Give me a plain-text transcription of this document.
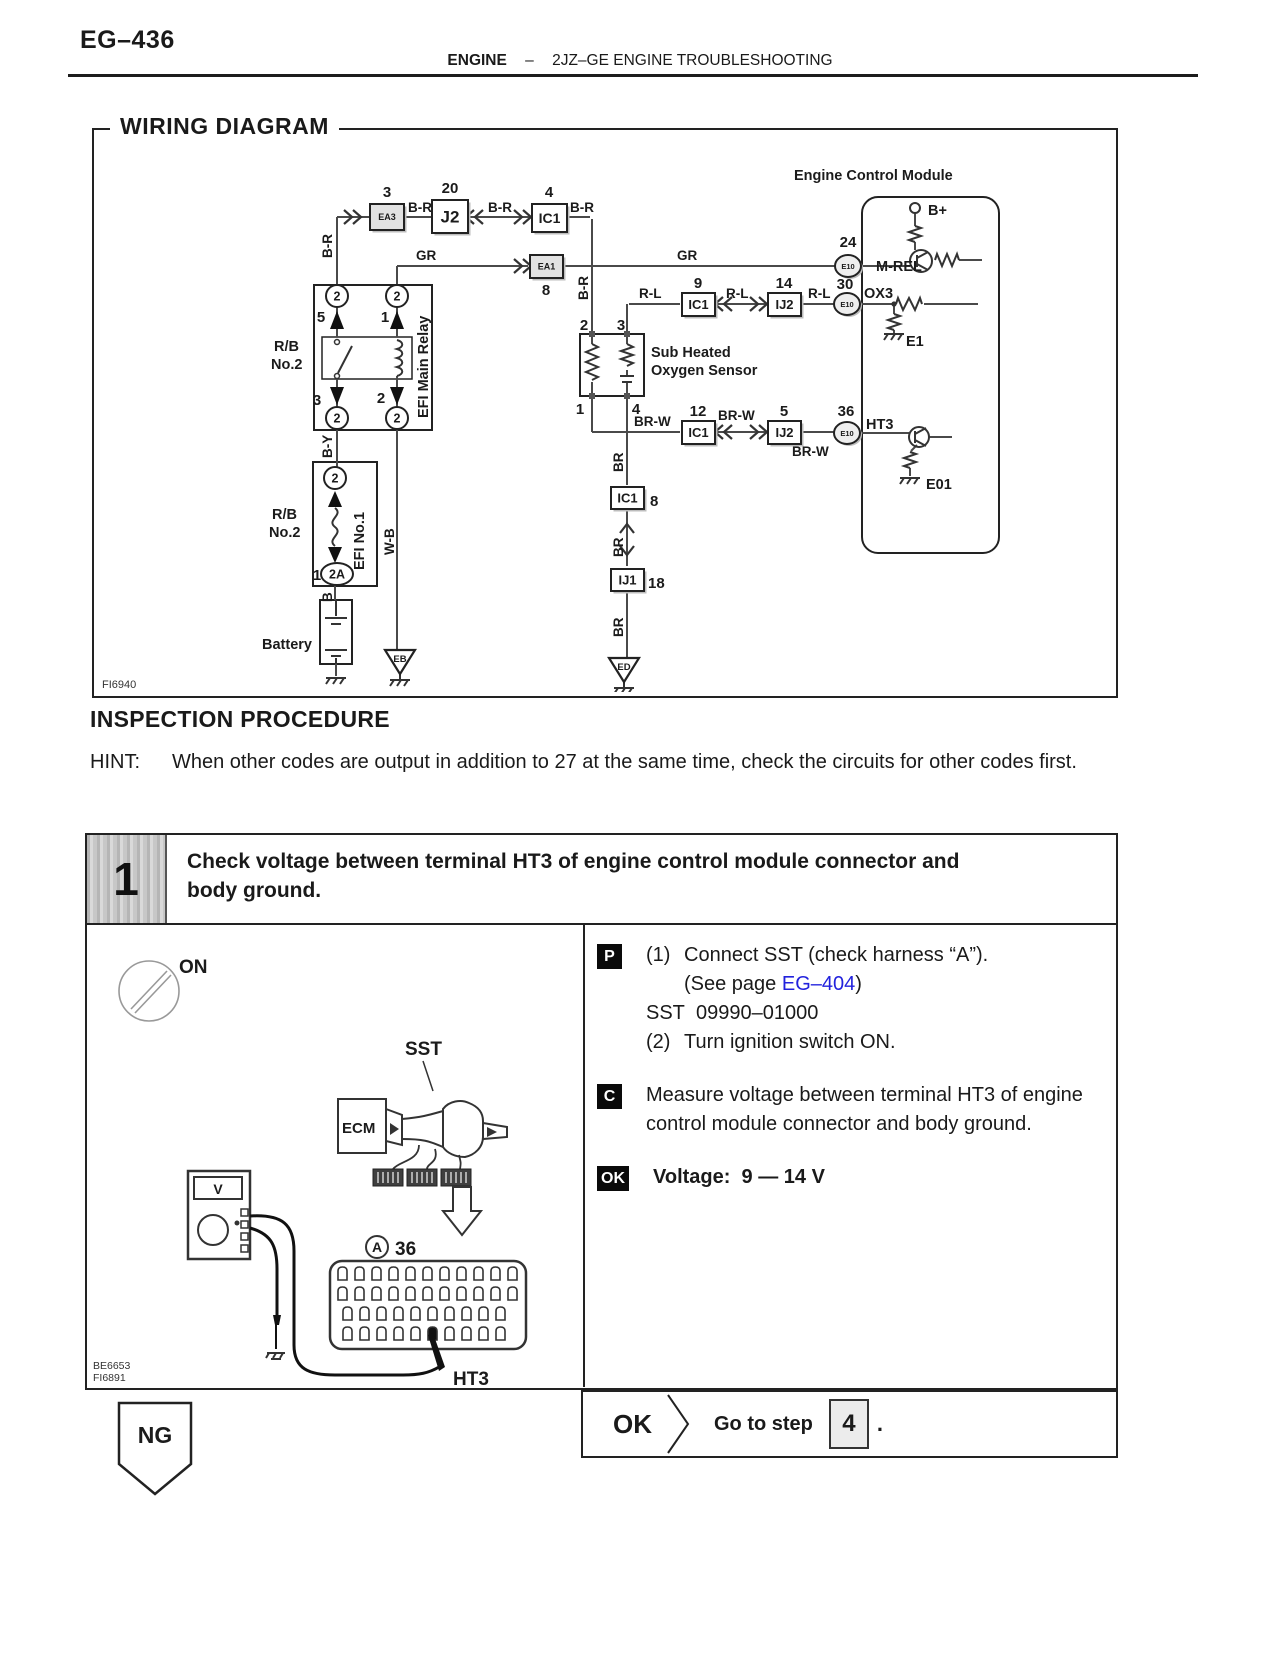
EG–436
ENGINE – 2JZ–GE ENGINE TROUBLESHOOTING
WIRING DIAGRAM
EA3	J2	IC1
EA1
IC1	IJ2
IC1	IJ2
IC1
IJ1
E10
E10
E10
2	2
2	2
2
2A
EB
ED
Engine Control Module
B+
M-REL
OX3
E1
HT3
E01
Sub Heated
Oxygen Sensor
R/B
No.2
R/B
No.2
Battery
FI6940
EFI Main Relay
EFI No.1
B-R
B-R
B-Y
W-B
B
BR
BR
BR
B-R	B-R	B-R
GR	GR
R-L	R-L	R-L
BR-W	BR-W
BR-W
3	20	4
8
24
9	14	30
12	5	36
2 3
1	4
5	1
3	2
8
18
1
INSPECTION PROCEDURE
HINT:	When other codes are output in addition to 27 at the same time, check the circuits for other codes first.
1	Check voltage between terminal HT3 of engine control module connector and body ground.
ON
SST
ECM
V
A 36
HT3
BE6653
FI6891
P	(1) Connect SST (check harness “A”).
(See page EG–404)
SST  09990–01000
(2) Turn ignition switch ON.
C	Measure voltage between terminal HT3 of engine control module connector and body ground.
OK Voltage:  9 — 14 V
NG	OK	Go to step	4 .
